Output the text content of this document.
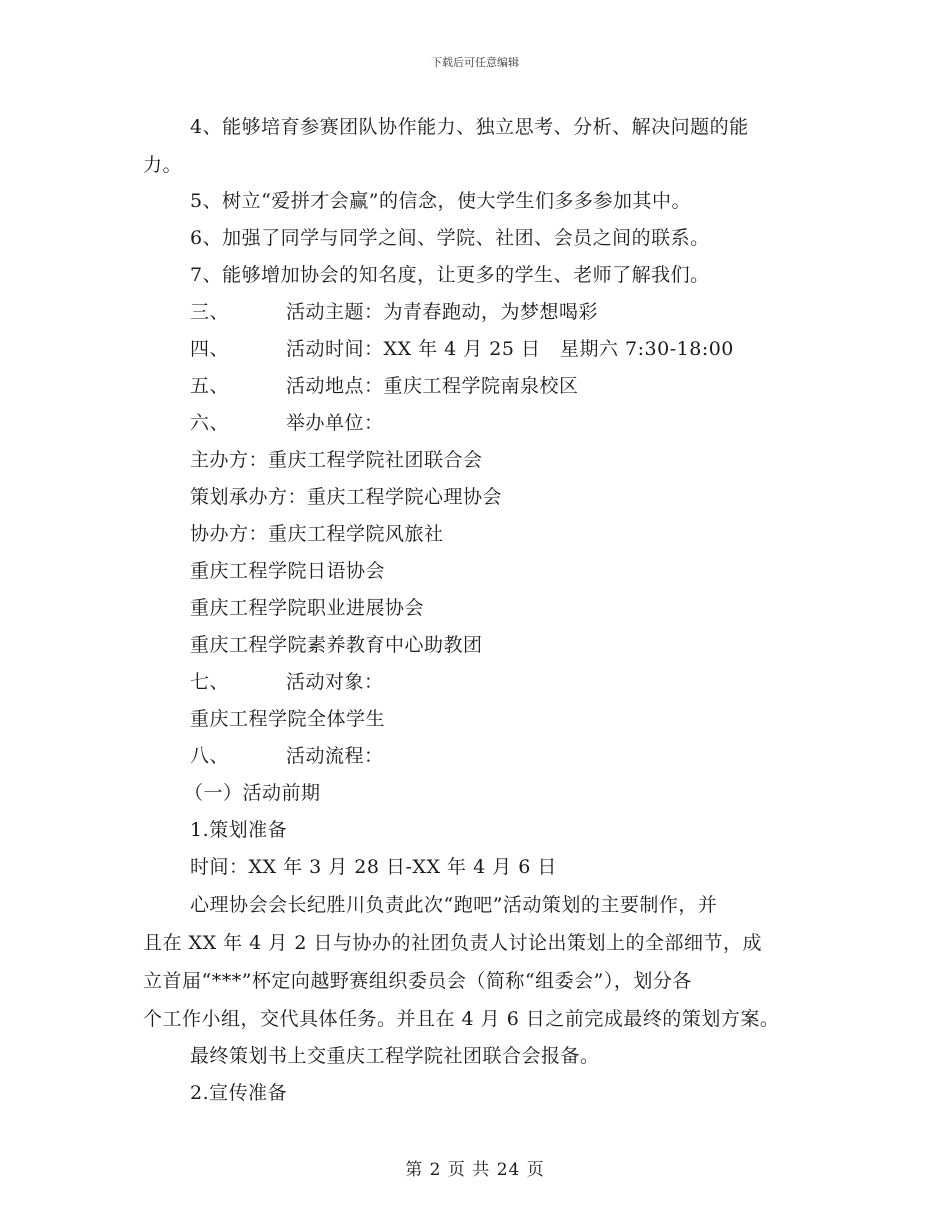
下载后可任意编辑
4、能够培育参赛团队协作能力、独立思考、分析、解决问题的能
力。
5、树立“爱拼才会赢”的信念，使大学生们多多参加其中。
6、加强了同学与同学之间、学院、社团、会员之间的联系。
7、能够增加协会的知名度，让更多的学生、老师了解我们。
三、	活动主题：为青春跑动，为梦想喝彩
四、	活动时间：XX 年 4 月 25 日　星期六 7:30-18:00
五、	活动地点：重庆工程学院南泉校区
六、	举办单位：
主办方：重庆工程学院社团联合会
策划承办方：重庆工程学院心理协会
协办方：重庆工程学院风旅社
重庆工程学院日语协会
重庆工程学院职业进展协会
重庆工程学院素养教育中心助教团
七、	活动对象：
重庆工程学院全体学生
八、	活动流程：
（一）活动前期
1.策划准备
时间：XX 年 3 月 28 日-XX 年 4 月 6 日
心理协会会长纪胜川负责此次“跑吧”活动策划的主要制作，并
且在 XX 年 4 月 2 日与协办的社团负责人讨论出策划上的全部细节，成
立首届“***”杯定向越野赛组织委员会（简称“组委会”），划分各
个工作小组，交代具体任务。并且在 4 月 6 日之前完成最终的策划方案。
最终策划书上交重庆工程学院社团联合会报备。
2.宣传准备
第 2 页 共 24 页
